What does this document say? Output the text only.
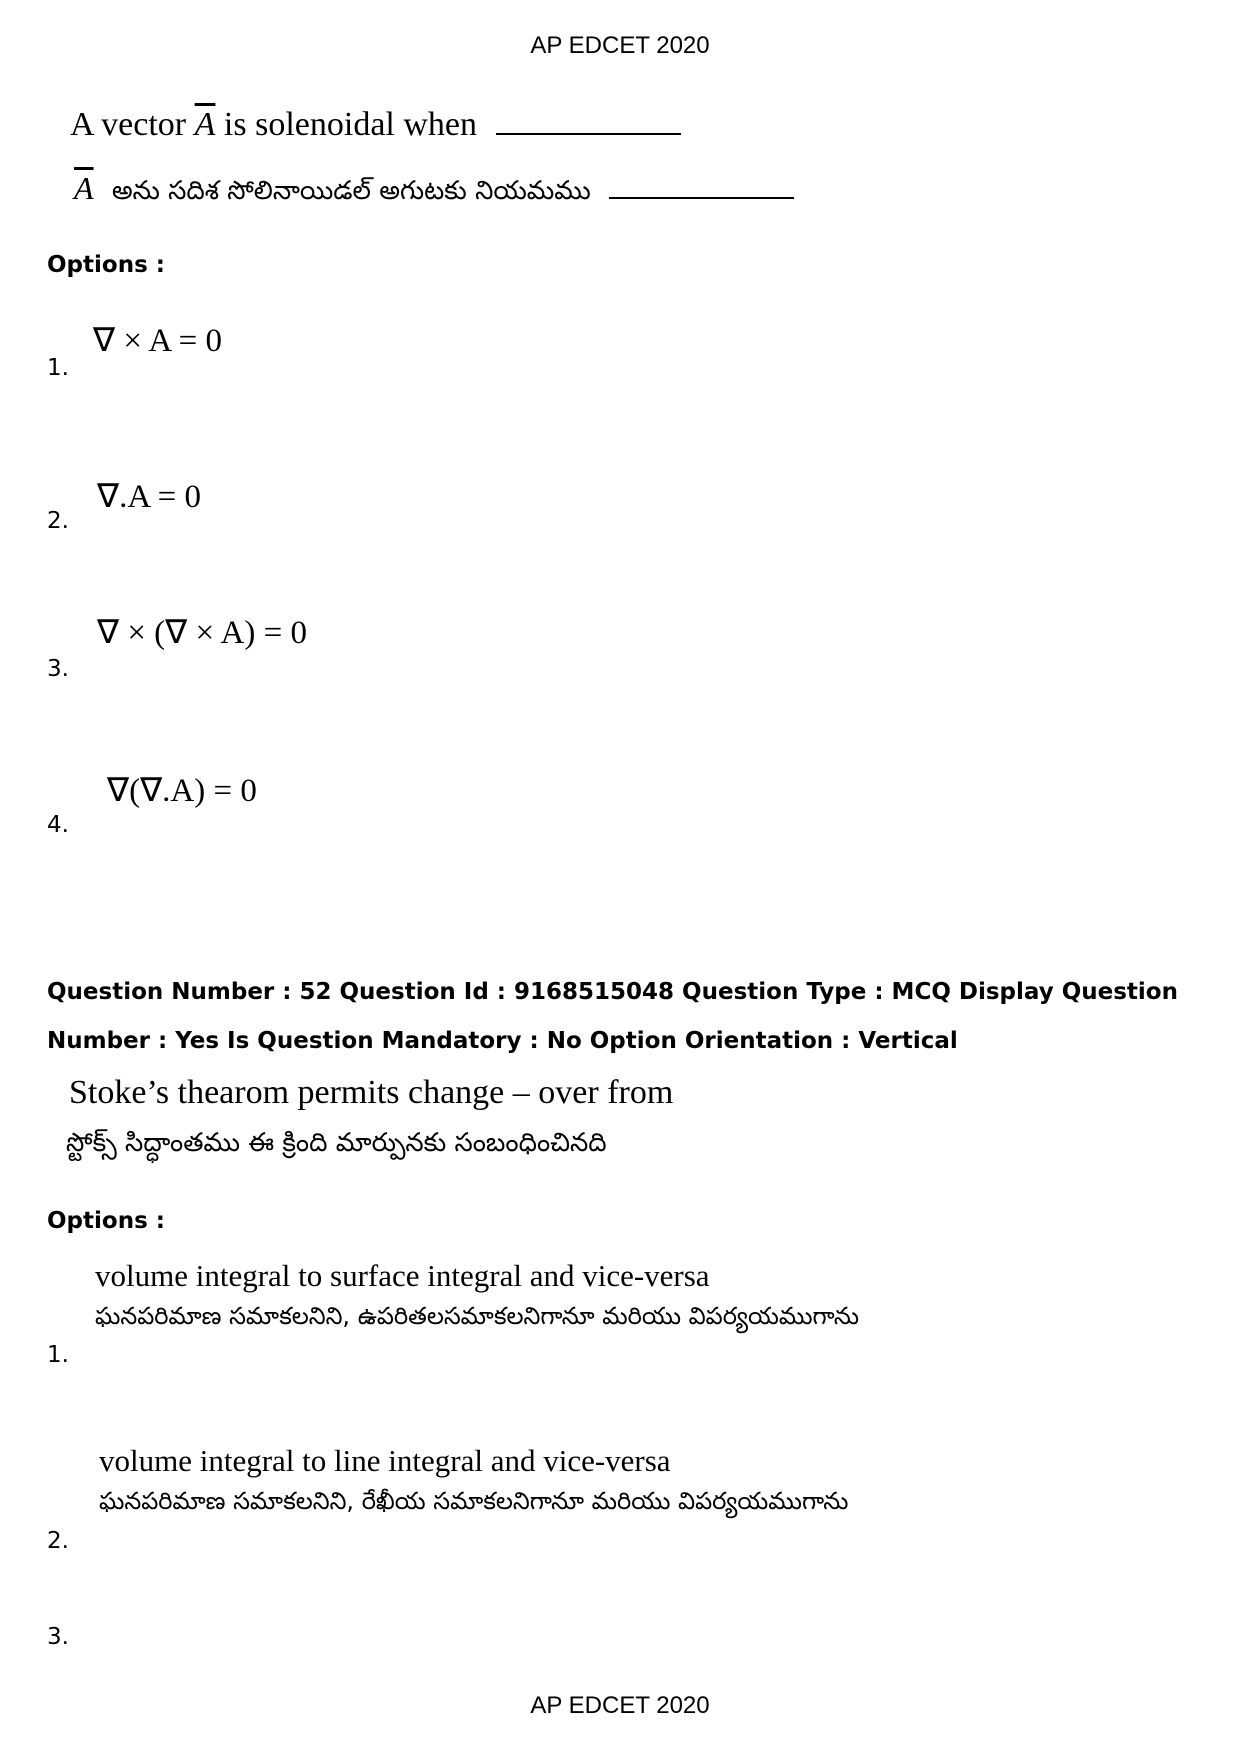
AP EDCET 2020
A vector $\overline{A}$ is solenoidal when
$\overline{A}$ అను సదిశ సోలినాయిడల్ అగుటకు నియమము
Options :
1.
∇ × A = 0
2.
∇.A = 0
3.
∇ × (∇ × A) = 0
4.
∇(∇.A) = 0
Question Number : 52 Question Id : 9168515048 Question Type : MCQ Display Question
Number : Yes Is Question Mandatory : No Option Orientation : Vertical
Stoke’s thearom permits change – over from
స్టోక్స్ సిద్ధాంతము ఈ క్రింది మార్పునకు సంబంధించినది
Options :
1.
volume integral to surface integral and vice-versa
ఘనపరిమాణ సమాకలనిని, ఉపరితలసమాకలనిగానూ మరియు విపర్యయముగాను
2.
volume integral to line integral and vice-versa
ఘనపరిమాణ సమాకలనిని, రేఖీయ సమాకలనిగానూ మరియు విపర్యయముగాను
3.
AP EDCET 2020
